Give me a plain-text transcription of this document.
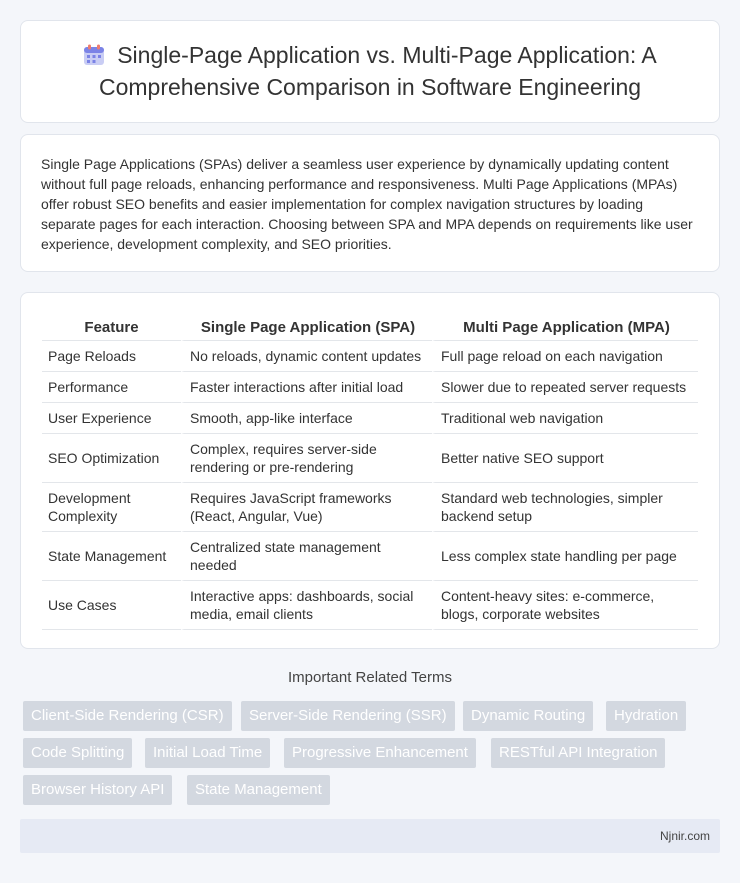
Single-Page Application vs. Multi-Page Application: A Comprehensive Comparison in Software Engineering

Single Page Applications (SPAs) deliver a seamless user experience by dynamically updating content without full page reloads, enhancing performance and responsiveness. Multi Page Applications (MPAs) offer robust SEO benefits and easier implementation for complex navigation structures by loading separate pages for each interaction. Choosing between SPA and MPA depends on requirements like user experience, development complexity, and SEO priorities.

Feature	Single Page Application (SPA)	Multi Page Application (MPA)
Page Reloads	No reloads, dynamic content updates	Full page reload on each navigation
Performance	Faster interactions after initial load	Slower due to repeated server requests
User Experience	Smooth, app-like interface	Traditional web navigation
SEO Optimization	Complex, requires server-side rendering or pre-rendering	Better native SEO support
Development Complexity	Requires JavaScript frameworks (React, Angular, Vue)	Standard web technologies, simpler backend setup
State Management	Centralized state management needed	Less complex state handling per page
Use Cases	Interactive apps: dashboards, social media, email clients	Content-heavy sites: e-commerce, blogs, corporate websites
Important Related Terms
Client-Side Rendering (CSR)	Server-Side Rendering (SSR)	Dynamic Routing	Hydration
Code Splitting	Initial Load Time	Progressive Enhancement	RESTful API Integration
Browser History API	State Management
Njnir.com
